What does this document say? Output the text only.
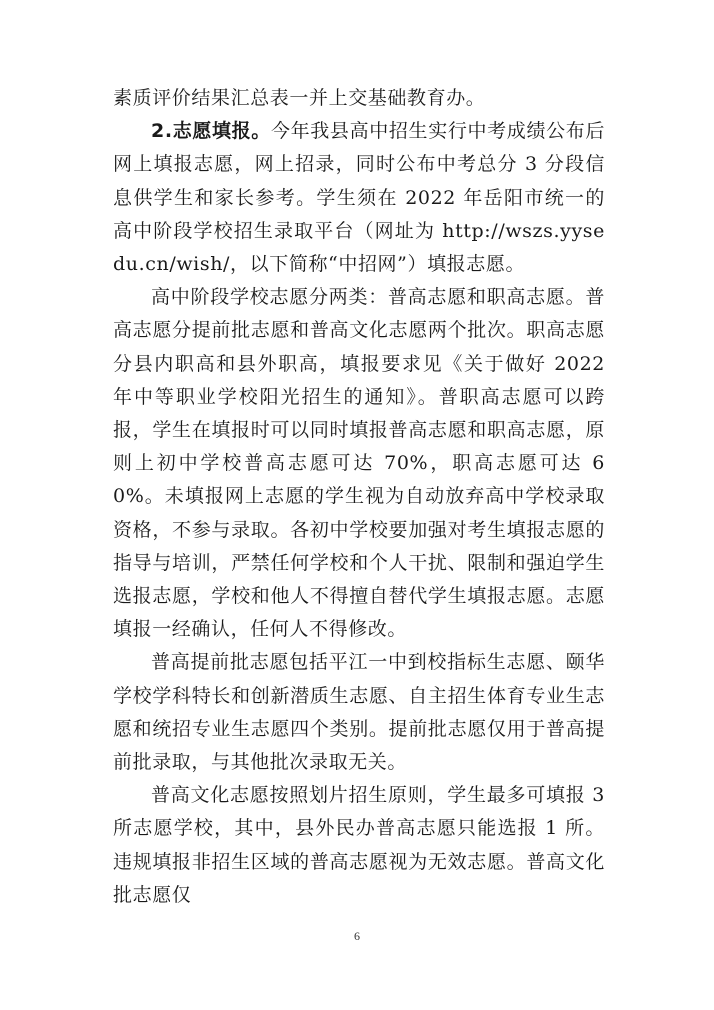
素质评价结果汇总表一并上交基础教育办。

2.志愿填报。今年我县高中招生实行中考成绩公布后网上填报志愿，网上招录，同时公布中考总分 3 分段信息供学生和家长参考。学生须在 2022 年岳阳市统一的高中阶段学校招生录取平台（网址为 http://wszs.yysedu.cn/wish/，以下简称“中招网”）填报志愿。

高中阶段学校志愿分两类：普高志愿和职高志愿。普高志愿分提前批志愿和普高文化志愿两个批次。职高志愿分县内职高和县外职高，填报要求见《关于做好 2022 年中等职业学校阳光招生的通知》。普职高志愿可以跨报，学生在填报时可以同时填报普高志愿和职高志愿，原则上初中学校普高志愿可达 70%，职高志愿可达 60%。未填报网上志愿的学生视为自动放弃高中学校录取资格，不参与录取。各初中学校要加强对考生填报志愿的指导与培训，严禁任何学校和个人干扰、限制和强迫学生选报志愿，学校和他人不得擅自替代学生填报志愿。志愿填报一经确认，任何人不得修改。

普高提前批志愿包括平江一中到校指标生志愿、颐华学校学科特长和创新潜质生志愿、自主招生体育专业生志愿和统招专业生志愿四个类别。提前批志愿仅用于普高提前批录取，与其他批次录取无关。

普高文化志愿按照划片招生原则，学生最多可填报 3 所志愿学校，其中，县外民办普高志愿只能选报 1 所。违规填报非招生区域的普高志愿视为无效志愿。普高文化批志愿仅

6
